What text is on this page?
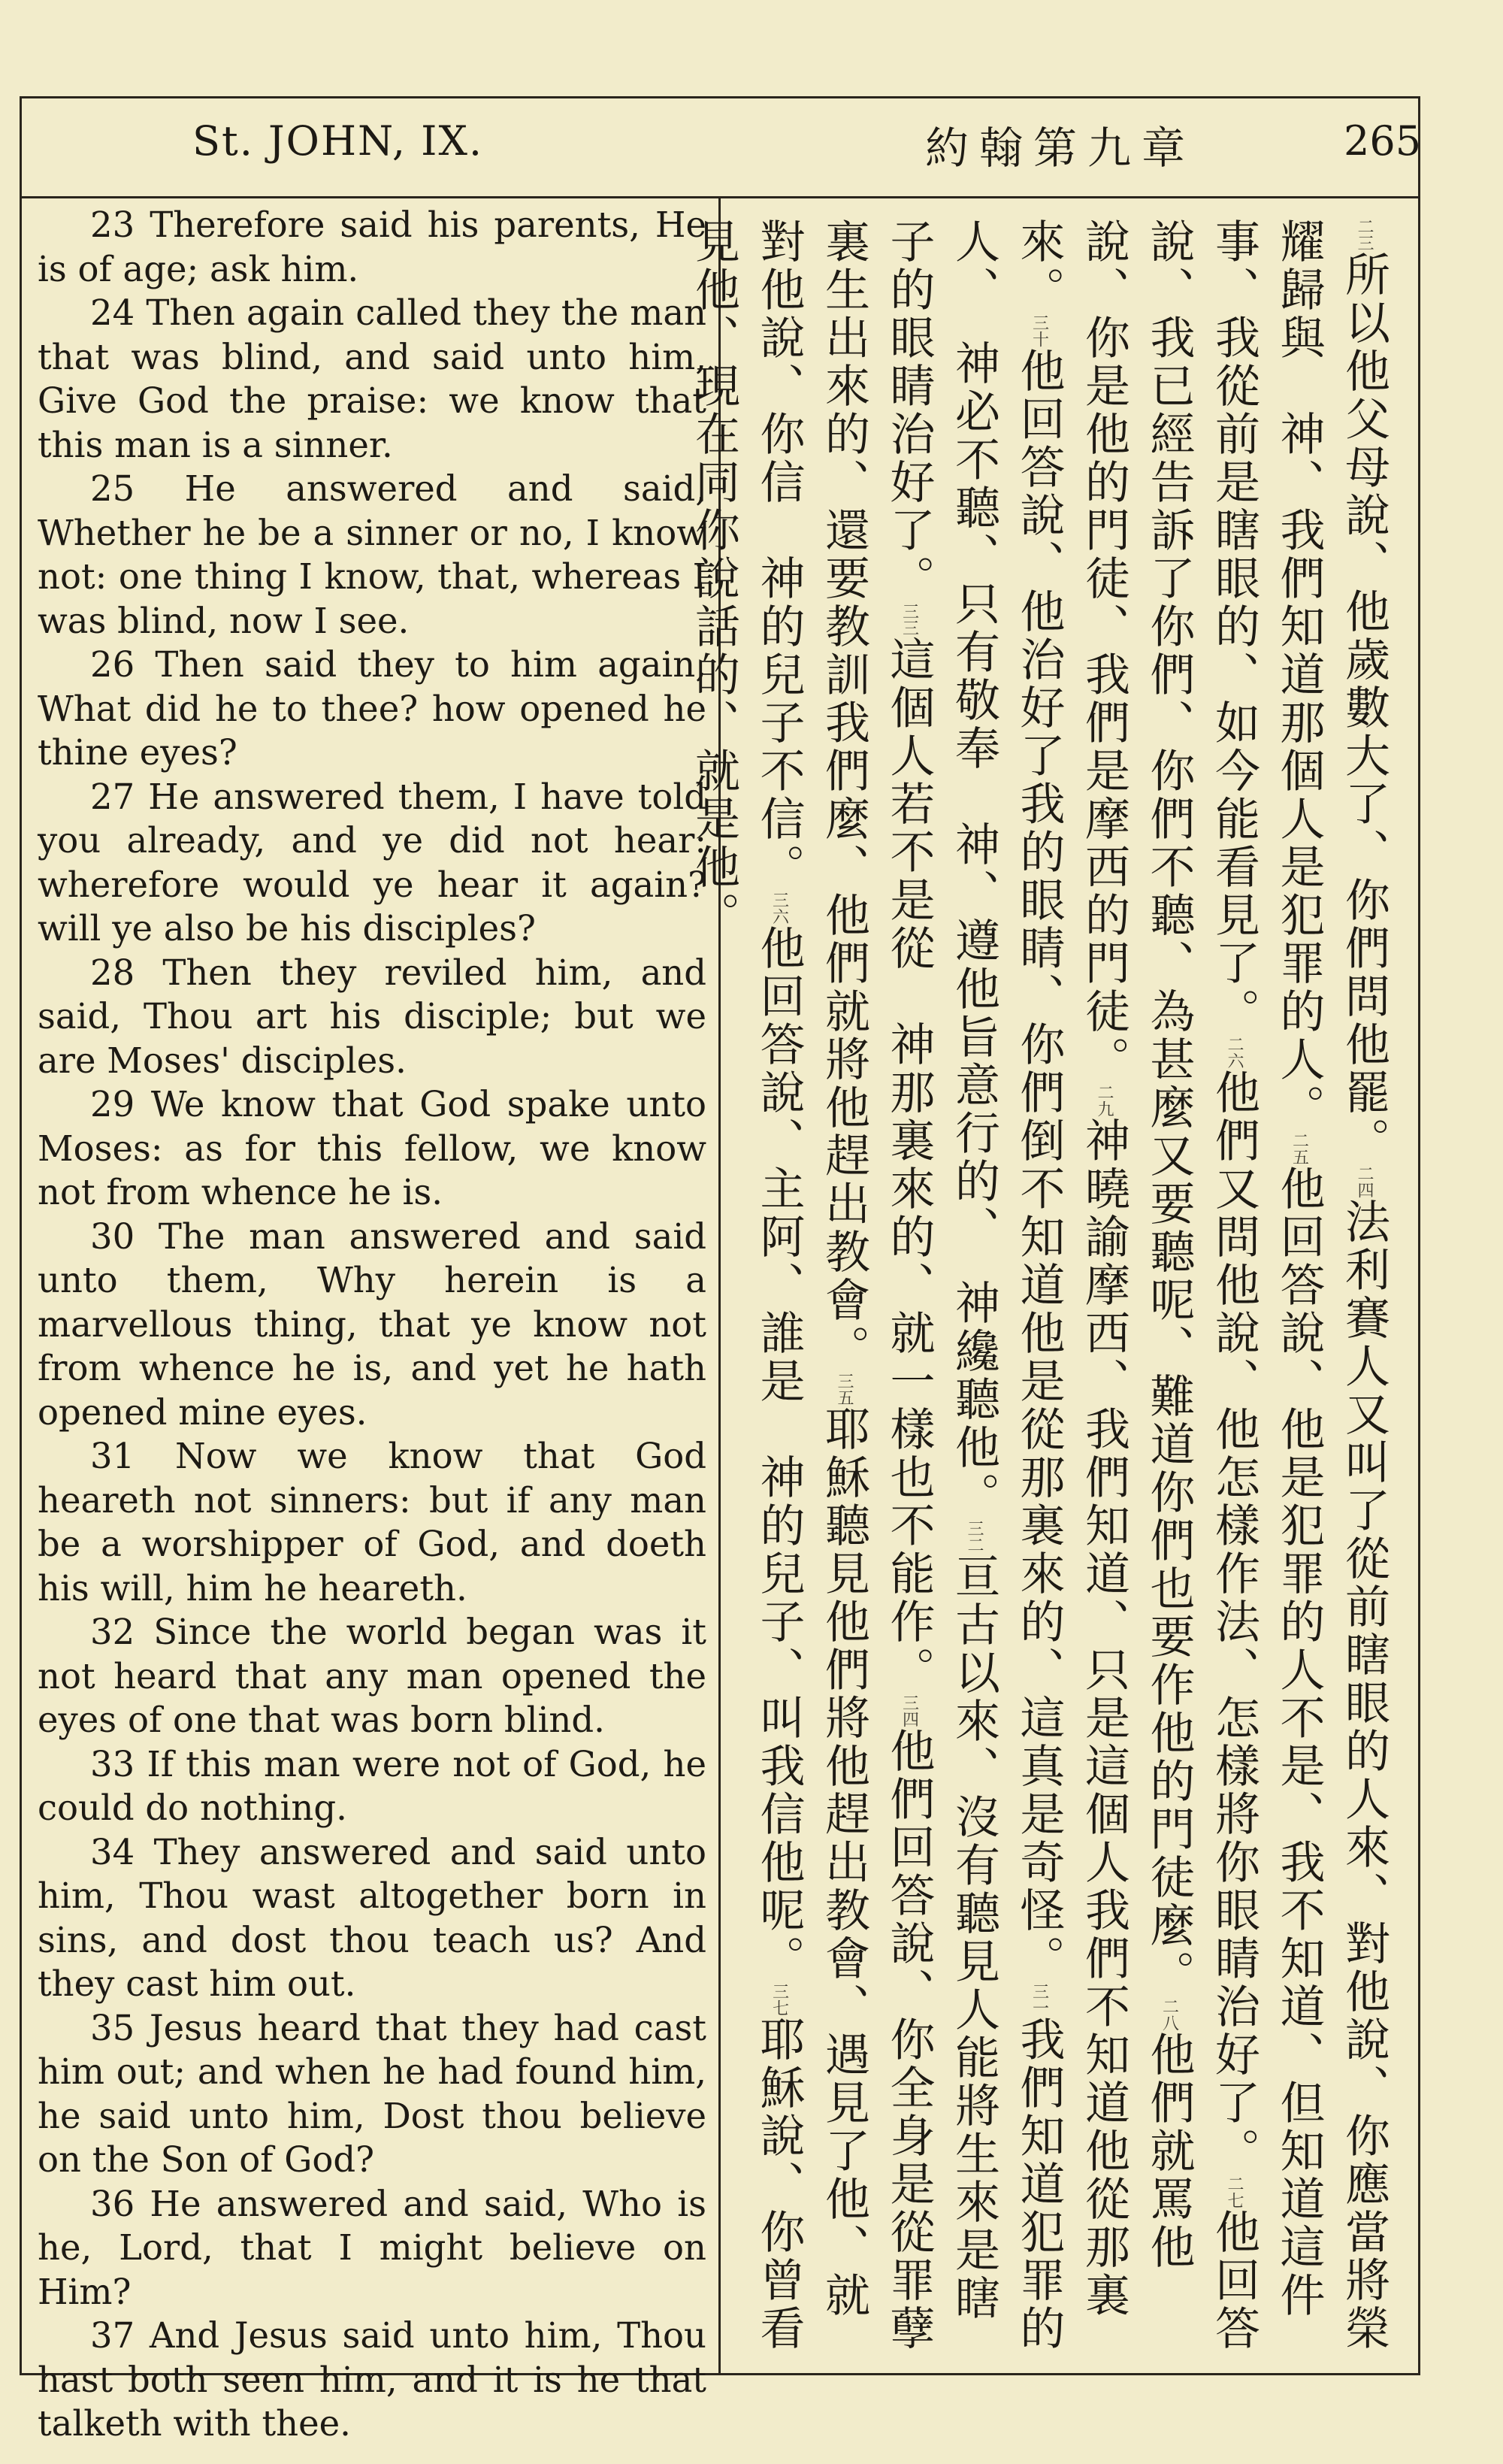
St. JOHN, IX.	約翰第九章	265
23 Therefore said his parents, He is of age; ask him.
24 Then again called they the man that was blind, and said unto him, Give God the praise: we know that this man is a sinner.
25 He answered and said, Whether he be a sinner or no, I know not: one thing I know, that, whereas I was blind, now I see.
26 Then said they to him again, What did he to thee? how opened he thine eyes?
27 He answered them, I have told you already, and ye did not hear: wherefore would ye hear it again? will ye also be his disciples?
28 Then they reviled him, and said, Thou art his disciple; but we are Moses' disciples.
29 We know that God spake unto Moses: as for this fellow, we know not from whence he is.
30 The man answered and said unto them, Why herein is a marvellous thing, that ye know not from whence he is, and yet he hath opened mine eyes.
31 Now we know that God heareth not sinners: but if any man be a worshipper of God, and doeth his will, him he heareth.
32 Since the world began was it not heard that any man opened the eyes of one that was born blind.
33 If this man were not of God, he could do nothing.
34 They answered and said unto him, Thou wast altogether born in sins, and dost thou teach us? And they cast him out.
35 Jesus heard that they had cast him out; and when he had found him, he said unto him, Dost thou believe on the Son of God?
36 He answered and said, Who is he, Lord, that I might believe on Him?
37 And Jesus said unto him, Thou hast both seen him, and it is he that talketh with thee.

二三所以他父母說、他歲數大了、你們問他罷。二四法利賽人又叫了從前瞎眼的人來、對他說、你應當將榮耀歸與　神、我們知道那個人是犯罪的人。二五他回答說、他是犯罪的人不是、我不知道、但知道這件事、我從前是瞎眼的、如今能看見了。二六他們又問他說、他怎樣作法、怎樣將你眼睛治好了。二七他回答說、我已經告訴了你們、你們不聽、為甚麼又要聽呢、難道你們也要作他的門徒麼。二八他們就罵他說、你是他的門徒、我們是摩西的門徒。二九神曉諭摩西、我們知道、只是這個人我們不知道他從那裏來。三十他回答說、他治好了我的眼睛、你們倒不知道他是從那裏來的、這真是奇怪。三一我們知道犯罪的人、　神必不聽、只有敬奉　神、遵他旨意行的、　神纔聽他。三二亘古以來、沒有聽見人能將生來是瞎子的眼睛治好了。三三這個人若不是從　神那裏來的、就一樣也不能作。三四他們回答說、你全身是從罪孽裏生出來的、還要教訓我們麼、他們就將他趕出教會。三五耶穌聽見他們將他趕出教會、遇見了他、就對他說、你信　神的兒子不信。三六他回答說、主阿、誰是　神的兒子、叫我信他呢。三七耶穌說、你曾看見他、現在同你說話的、就是他。
